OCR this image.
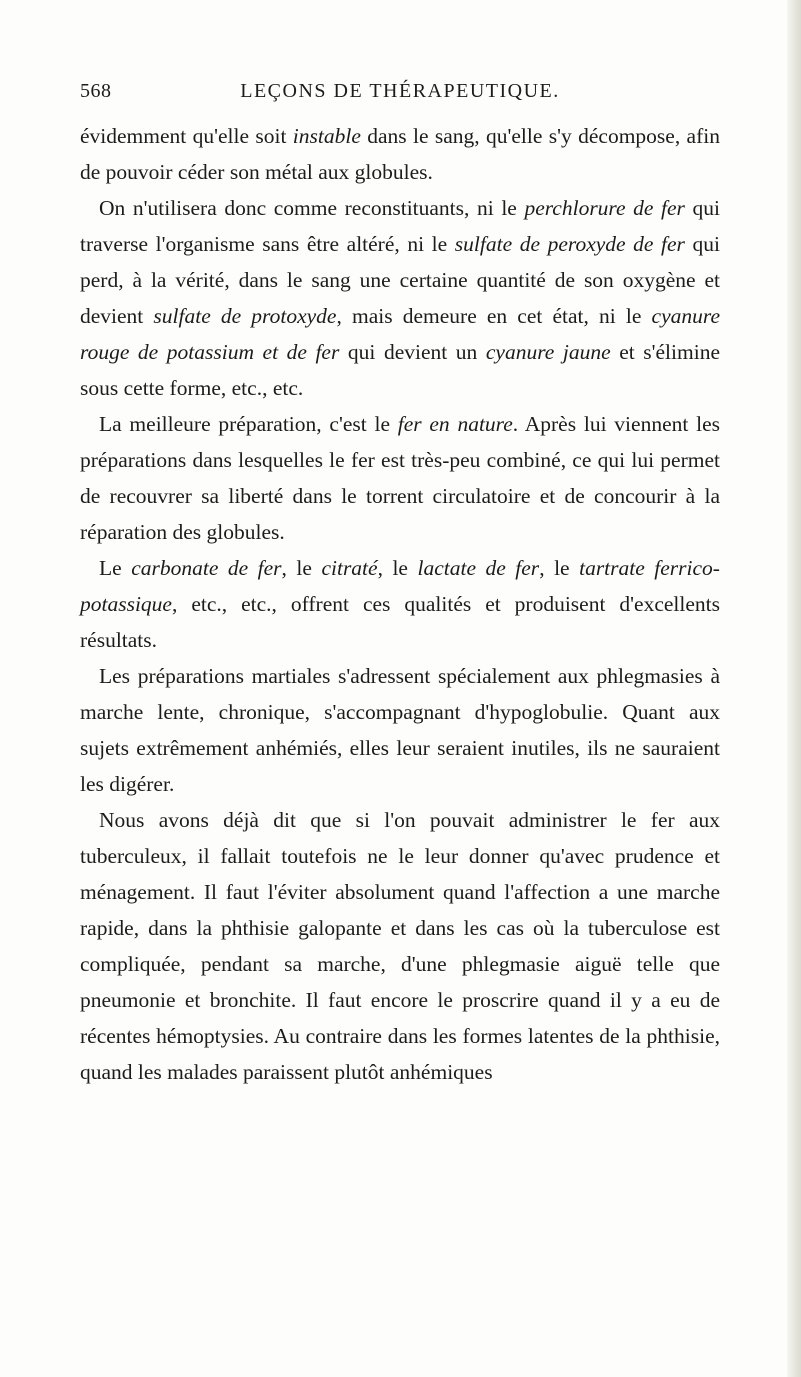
568	LEÇONS DE THÉRAPEUTIQUE.

évidemment qu'elle soit instable dans le sang, qu'elle s'y décompose, afin de pouvoir céder son métal aux globules.

On n'utilisera donc comme reconstituants, ni le perchlorure de fer qui traverse l'organisme sans être altéré, ni le sulfate de peroxyde de fer qui perd, à la vérité, dans le sang une certaine quantité de son oxygène et devient sulfate de protoxyde, mais demeure en cet état, ni le cyanure rouge de potassium et de fer qui devient un cyanure jaune et s'élimine sous cette forme, etc., etc.

La meilleure préparation, c'est le fer en nature. Après lui viennent les préparations dans lesquelles le fer est très-peu combiné, ce qui lui permet de recouvrer sa liberté dans le torrent circulatoire et de concourir à la réparation des globules.

Le carbonate de fer, le citraté, le lactate de fer, le tartrate ferrico-potassique, etc., etc., offrent ces qualités et produisent d'excellents résultats.

Les préparations martiales s'adressent spécialement aux phlegmasies à marche lente, chronique, s'accompagnant d'hypoglobulie. Quant aux sujets extrêmement anhémiés, elles leur seraient inutiles, ils ne sauraient les digérer.

Nous avons déjà dit que si l'on pouvait administrer le fer aux tuberculeux, il fallait toutefois ne le leur donner qu'avec prudence et ménagement. Il faut l'éviter absolument quand l'affection a une marche rapide, dans la phthisie galopante et dans les cas où la tuberculose est compliquée, pendant sa marche, d'une phlegmasie aiguë telle que pneumonie et bronchite. Il faut encore le proscrire quand il y a eu de récentes hémoptysies. Au contraire dans les formes latentes de la phthisie, quand les malades paraissent plutôt anhémiques
